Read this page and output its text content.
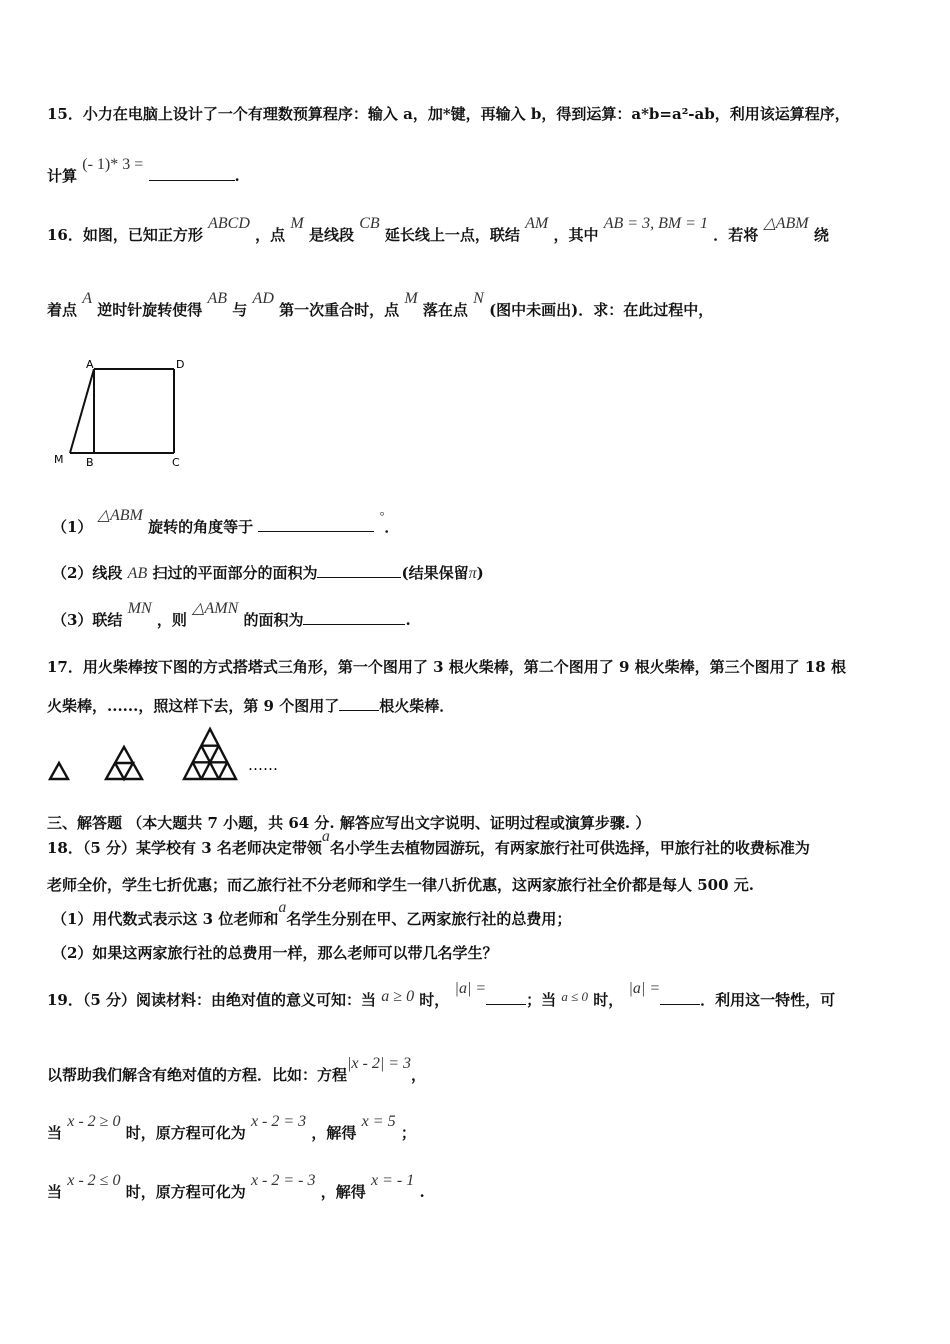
15．小力在电脑上设计了一个有理数预算程序：输入 a，加*键，再输入 b，得到运算：a*b=a²-ab，利用该运算程序，
计算 (- 1)* 3 = .
16．如图，已知正方形 ABCD ，点 M 是线段 CB 延长线上一点，联结 AM ，其中 AB = 3, BM = 1 ．若将 △ABM 绕
着点 A 逆时针旋转使得 AB 与 AD 第一次重合时，点 M 落在点 N (图中未画出)．求：在此过程中，
A	D
M B	C
（1） △ABM 旋转的角度等于  °．
（2）线段 AB 扫过的平面部分的面积为	(结果保留π)
（3）联结 MN ，则 △AMN 的面积为	.
17．用火柴棒按下图的方式搭塔式三角形，第一个图用了 3 根火柴棒，第二个图用了 9 根火柴棒，第三个图用了 18 根
火柴棒，......，照这样下去，第 9 个图用了	根火柴棒．
……
三、解答题 （本大题共 7 小题，共 64 分. 解答应写出文字说明、证明过程或演算步骤. ）
18．（5 分）某学校有 3 名老师决定带领a名小学生去植物园游玩，有两家旅行社可供选择，甲旅行社的收费标准为
老师全价，学生七折优惠；而乙旅行社不分老师和学生一律八折优惠，这两家旅行社全价都是每人 500 元.
（1）用代数式表示这 3 位老师和a名学生分别在甲、乙两家旅行社的总费用；
（2）如果这两家旅行社的总费用一样，那么老师可以带几名学生？
19．（5 分）阅读材料：由绝对值的意义可知：当 a ≥ 0 时， |a| =；当 a ≤ 0 时， |a| =．利用这一特性，可
以帮助我们解含有绝对值的方程．比如：方程|x - 2| = 3，
当 x - 2 ≥ 0 时，原方程可化为 x - 2 = 3 ，解得 x = 5 ；
当 x - 2 ≤ 0 时，原方程可化为 x - 2 = - 3 ，解得 x = - 1 .
